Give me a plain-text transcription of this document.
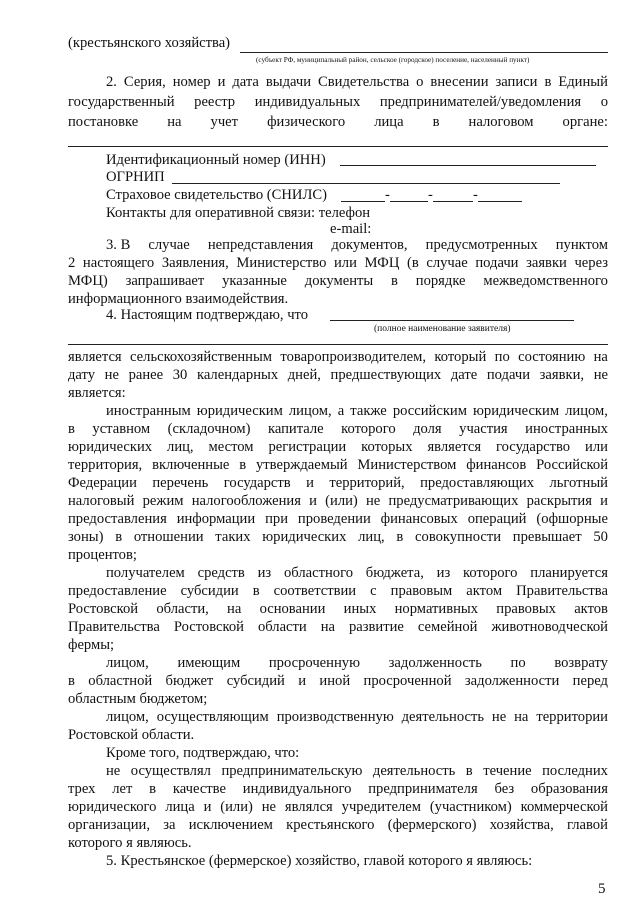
(крестьянского хозяйства)
(субъект РФ, муниципальный район, сельское (городское) поселение, населенный пункт)
2. Серия, номер и дата выдачи Свидетельства о внесении записи в Единый
государственный реестр индивидуальных предпринимателей/уведомления о
постановке на учет физического лица в налоговом органе:
Идентификационный номер (ИНН)
ОГРНИП
Страховое свидетельство (СНИЛС)	-	-	-
Контакты для оперативной связи: телефон
e-mail:
3. В случае непредставления документов, предусмотренных пунктом
2 настоящего Заявления, Министерство или МФЦ (в случае подачи заявки через
МФЦ) запрашивает указанные документы в порядке межведомственного
информационного взаимодействия.
4. Настоящим подтверждаю, что
(полное наименование заявителя)
является сельскохозяйственным товаропроизводителем, который по состоянию на
дату не ранее 30 календарных дней, предшествующих дате подачи заявки, не
является:
иностранным юридическим лицом, а также российским юридическим лицом,
в уставном (складочном) капитале которого доля участия иностранных
юридических лиц, местом регистрации которых является государство или
территория, включенные в утверждаемый Министерством финансов Российской
Федерации перечень государств и территорий, предоставляющих льготный
налоговый режим налогообложения и (или) не предусматривающих раскрытия и
предоставления информации при проведении финансовых операций (офшорные
зоны) в отношении таких юридических лиц, в совокупности превышает 50
процентов;
получателем средств из областного бюджета, из которого планируется
предоставление субсидии в соответствии с правовым актом Правительства
Ростовской области, на основании иных нормативных правовых актов
Правительства Ростовской области на развитие семейной животноводческой
фермы;
лицом, имеющим просроченную задолженность по возврату
в областной бюджет субсидий и иной просроченной задолженности перед
областным бюджетом;
лицом, осуществляющим производственную деятельность не на территории
Ростовской области.
Кроме того, подтверждаю, что:
не осуществлял предпринимательскую деятельность в течение последних
трех лет в качестве индивидуального предпринимателя без образования
юридического лица и (или) не являлся учредителем (участником) коммерческой
организации, за исключением крестьянского (фермерского) хозяйства, главой
которого я являюсь.
5. Крестьянское (фермерское) хозяйство, главой которого я являюсь:
5
